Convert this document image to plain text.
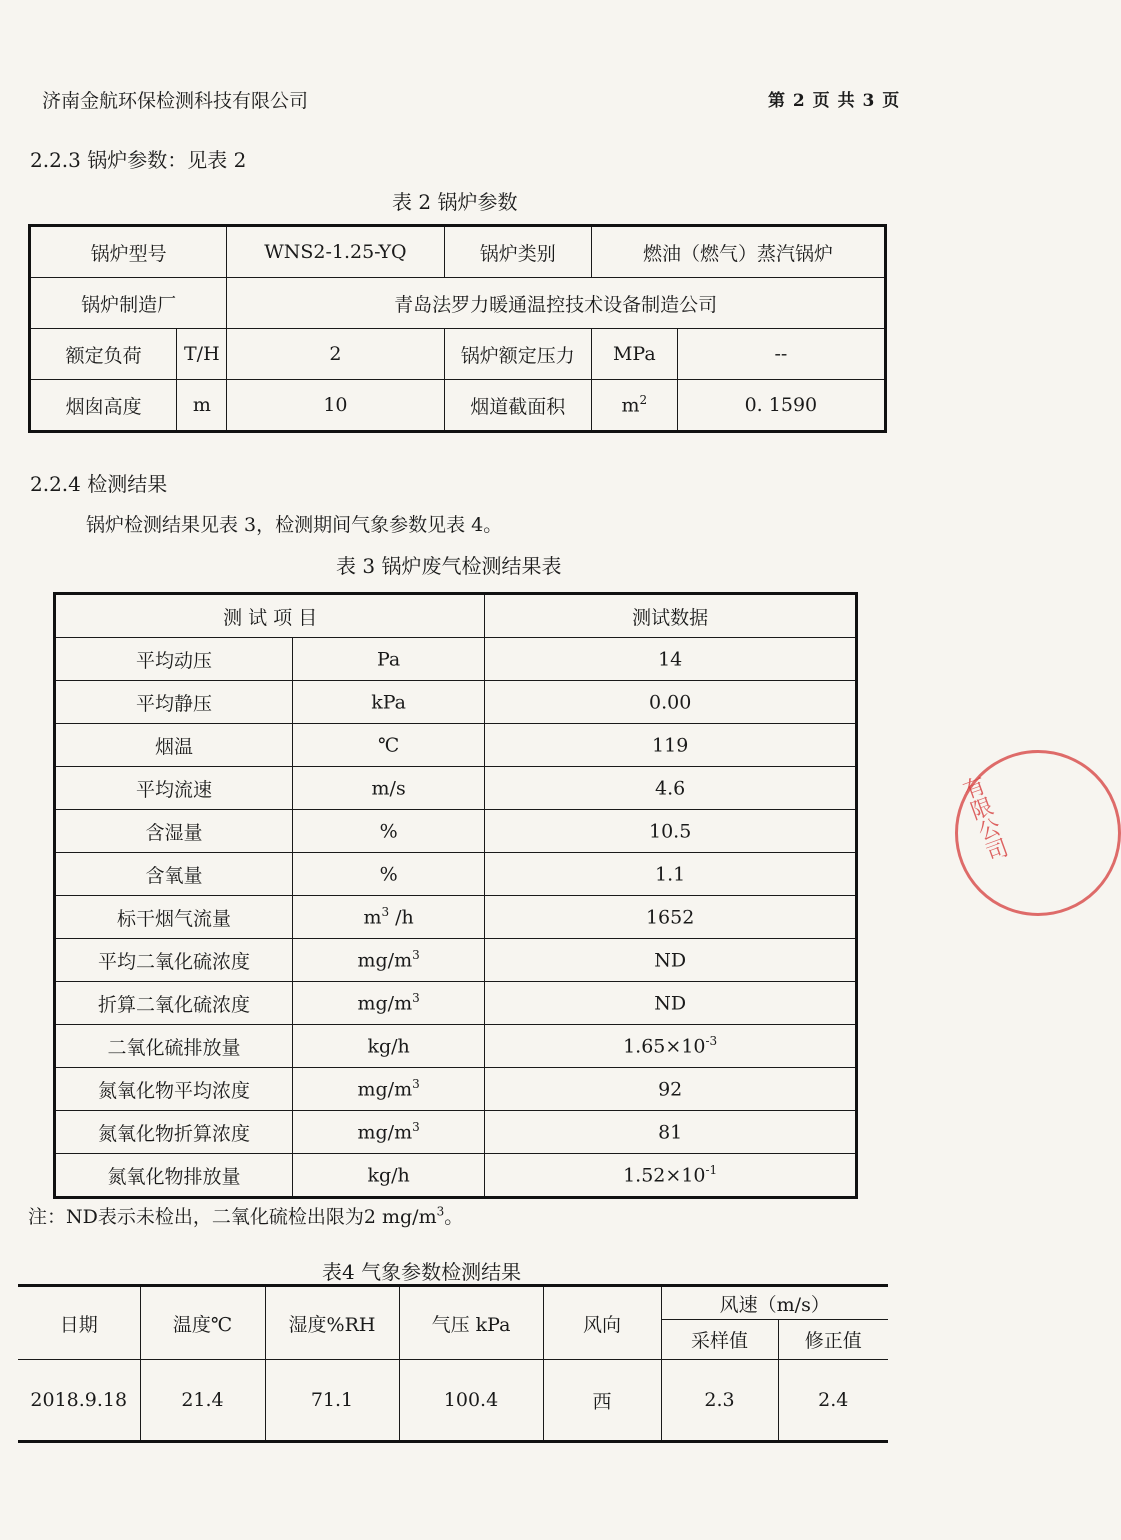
济南金航环保检测科技有限公司	第 2 页 共 3 页
2.2.3 锅炉参数：见表 2
表 2 锅炉参数
锅炉型号		WNS2-1.25-YQ	锅炉类别	燃油（燃气）蒸汽锅炉	
锅炉制造厂		青岛法罗力暖通温控技术设备制造公司			
额定负荷	T/H	2	锅炉额定压力	MPa	--
烟囱高度	m	10	烟道截面积	$m^2$	0. 1590
2.2.4 检测结果
锅炉检测结果见表 3，检测期间气象参数见表 4。
表 3 锅炉废气检测结果表
测 试 项 目		测试数据
平均动压	Pa	14
平均静压	kPa	0.00
烟温	℃	119
平均流速	m/s	4.6
含湿量	%	10.5
含氧量	%	1.1
标干烟气流量	$m^3$ /h	1652
平均二氧化硫浓度	$mg/m^3$	ND
折算二氧化硫浓度	$mg/m^3$	ND
二氧化硫排放量	kg/h	$1.65\times 10^{-3}$
氮氧化物平均浓度	$mg/m^3$	92
氮氧化物折算浓度	$mg/m^3$	81
氮氧化物排放量	kg/h	$1.52\times 10^{-1}$
注：ND表示未检出，二氧化硫检出限为2 $mg/m^3$。
表4 气象参数检测结果
日期	温度℃	湿度%RH	气压 kPa	风向	风速（m/s）	
					采样值	修正值
2018.9.18	21.4	71.1	100.4	西	2.3	2.4
有限公司
